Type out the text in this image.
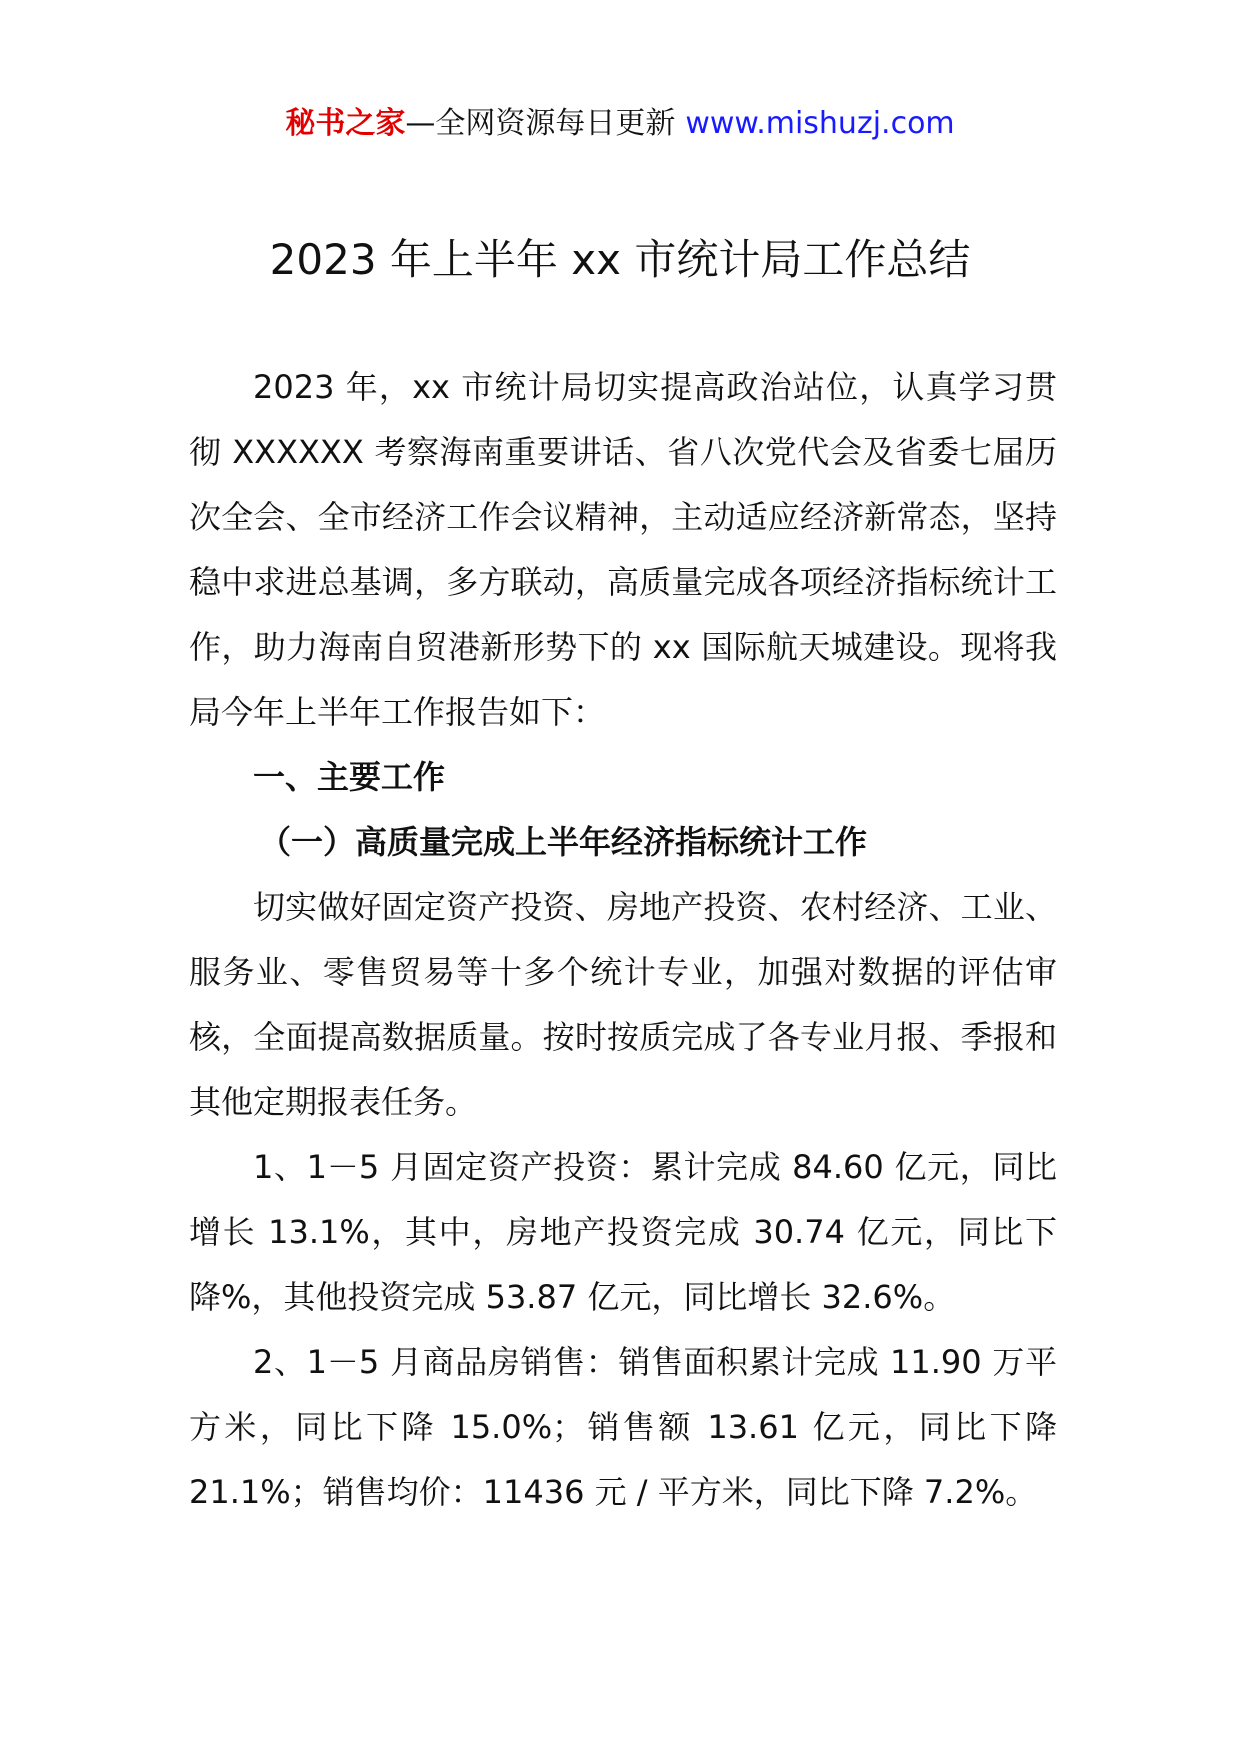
秘书之家—全网资源每日更新 www.mishuzj.com
2023 年上半年 xx 市统计局工作总结

2023 年，xx 市统计局切实提高政治站位，认真学习贯彻 XXXXXX 考察海南重要讲话、省八次党代会及省委七届历次全会、全市经济工作会议精神，主动适应经济新常态，坚持稳中求进总基调，多方联动，高质量完成各项经济指标统计工作，助力海南自贸港新形势下的 xx 国际航天城建设。现将我局今年上半年工作报告如下：

一、主要工作

（一）高质量完成上半年经济指标统计工作

切实做好固定资产投资、房地产投资、农村经济、工业、服务业、零售贸易等十多个统计专业，加强对数据的评估审核，全面提高数据质量。按时按质完成了各专业月报、季报和其他定期报表任务。

1、1－5 月固定资产投资：累计完成 84.60 亿元，同比增长 13.1%，其中，房地产投资完成 30.74 亿元，同比下降%，其他投资完成 53.87 亿元，同比增长 32.6%。

2、1－5 月商品房销售：销售面积累计完成 11.90 万平方米，同比下降 15.0%；销售额 13.61 亿元，同比下降 21.1%；销售均价：11436 元 / 平方米，同比下降 7.2%。
